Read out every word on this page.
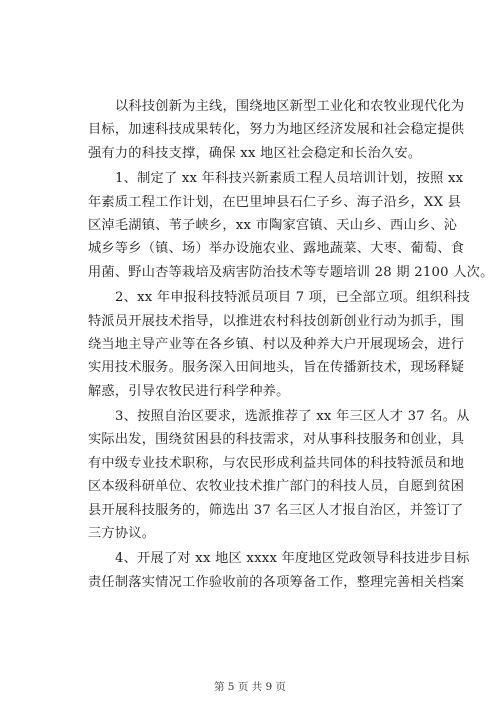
以科技创新为主线，围绕地区新型工业化和农牧业现代化为
目标，加速科技成果转化，努力为地区经济发展和社会稳定提供
强有力的科技支撑，确保 xx 地区社会稳定和长治久安。
1、制定了 xx 年科技兴新素质工程人员培训计划，按照 xx
年素质工程工作计划，在巴里坤县石仁子乡、海子沿乡，XX 县
区淖毛湖镇、苇子峡乡，xx 市陶家宫镇、天山乡、西山乡、沁
城乡等乡（镇、场）举办设施农业、露地蔬菜、大枣、葡萄、食
用菌、野山杏等栽培及病害防治技术等专题培训 28 期 2100 人次。
2、xx 年申报科技特派员项目 7 项，已全部立项。组织科技
特派员开展技术指导，以推进农村科技创新创业行动为抓手，围
绕当地主导产业等在各乡镇、村以及种养大户开展现场会，进行
实用技术服务。服务深入田间地头，旨在传播新技术，现场释疑
解惑，引导农牧民进行科学种养。
3、按照自治区要求，选派推荐了 xx 年三区人才 37 名。从
实际出发，围绕贫困县的科技需求，对从事科技服务和创业，具
有中级专业技术职称，与农民形成利益共同体的科技特派员和地
区本级科研单位、农牧业技术推广部门的科技人员，自愿到贫困
县开展科技服务的，筛选出 37 名三区人才报自治区，并签订了
三方协议。
4、开展了对 xx 地区 xxxx 年度地区党政领导科技进步目标
责任制落实情况工作验收前的各项筹备工作，整理完善相关档案
第 5 页 共 9 页
